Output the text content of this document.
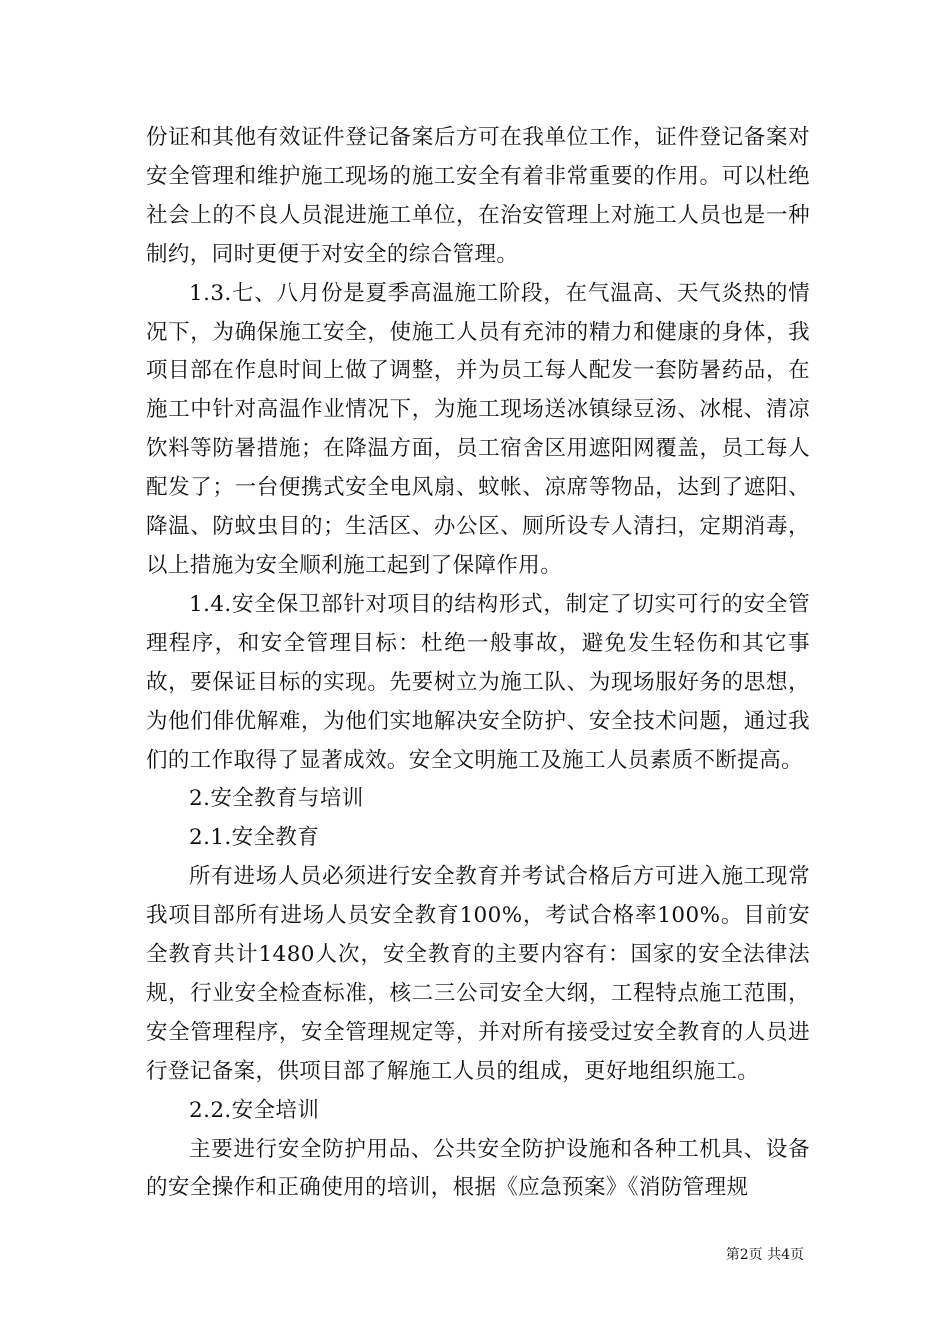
份证和其他有效证件登记备案后方可在我单位工作，证件登记备案对安全管理和维护施工现场的施工安全有着非常重要的作用。可以杜绝社会上的不良人员混进施工单位，在治安管理上对施工人员也是一种制约，同时更便于对安全的综合管理。

1.3.七、八月份是夏季高温施工阶段，在气温高、天气炎热的情况下，为确保施工安全，使施工人员有充沛的精力和健康的身体，我项目部在作息时间上做了调整，并为员工每人配发一套防暑药品，在施工中针对高温作业情况下，为施工现场送冰镇绿豆汤、冰棍、清凉饮料等防暑措施；在降温方面，员工宿舍区用遮阳网覆盖，员工每人配发了；一台便携式安全电风扇、蚊帐、凉席等物品，达到了遮阳、降温、防蚊虫目的；生活区、办公区、厕所设专人清扫，定期消毒，以上措施为安全顺利施工起到了保障作用。

1.4.安全保卫部针对项目的结构形式，制定了切实可行的安全管理程序，和安全管理目标：杜绝一般事故，避免发生轻伤和其它事故，要保证目标的实现。先要树立为施工队、为现场服好务的思想，为他们俳优解难，为他们实地解决安全防护、安全技术问题，通过我们的工作取得了显著成效。安全文明施工及施工人员素质不断提高。

2.安全教育与培训

2.1.安全教育

所有进场人员必须进行安全教育并考试合格后方可进入施工现常我项目部所有进场人员安全教育100%，考试合格率100%。目前安全教育共计1480人次，安全教育的主要内容有：国家的安全法律法规，行业安全检查标准，核二三公司安全大纲，工程特点施工范围，安全管理程序，安全管理规定等，并对所有接受过安全教育的人员进行登记备案，供项目部了解施工人员的组成，更好地组织施工。

2.2.安全培训

主要进行安全防护用品、公共安全防护设施和各种工机具、设备的安全操作和正确使用的培训，根据《应急预案》《消防管理规

第2页 共4页
